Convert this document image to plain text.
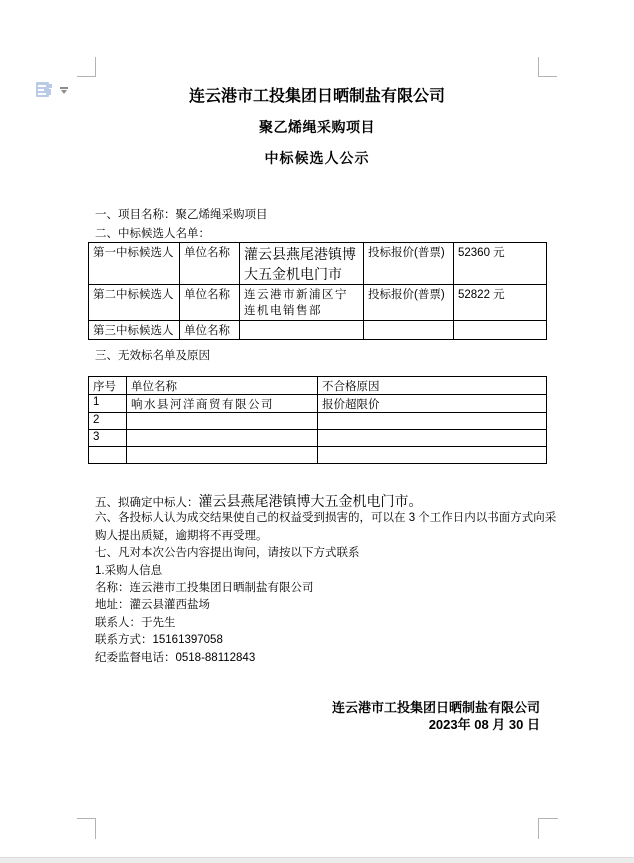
连云港市工投集团日晒制盐有限公司
聚乙烯绳采购项目
中标候选人公示
一、项目名称：聚乙烯绳采购项目
二、中标候选人名单：
第一中标候选人	单位名称	灌云县燕尾港镇博大五金机电门市	投标报价(普票)	52360 元
第二中标候选人	单位名称	连云港市新浦区宁连机电销售部	投标报价(普票)	52822 元
第三中标候选人	单位名称			
三、无效标名单及原因
序号	单位名称	不合格原因
1	响水县河洋商贸有限公司	报价超限价
2		
3		

五、拟确定中标人：灌云县燕尾港镇博大五金机电门市。
六、各投标人认为成交结果使自己的权益受到损害的，可以在 3 个工作日内以书面方式向采
购人提出质疑，逾期将不再受理。
七、凡对本次公告内容提出询问，请按以下方式联系
1.采购人信息
名称：连云港市工投集团日晒制盐有限公司
地址：灌云县灌西盐场
联系人：于先生
联系方式：15161397058
纪委监督电话：0518-88112843
连云港市工投集团日晒制盐有限公司
2023年 08 月 30 日
